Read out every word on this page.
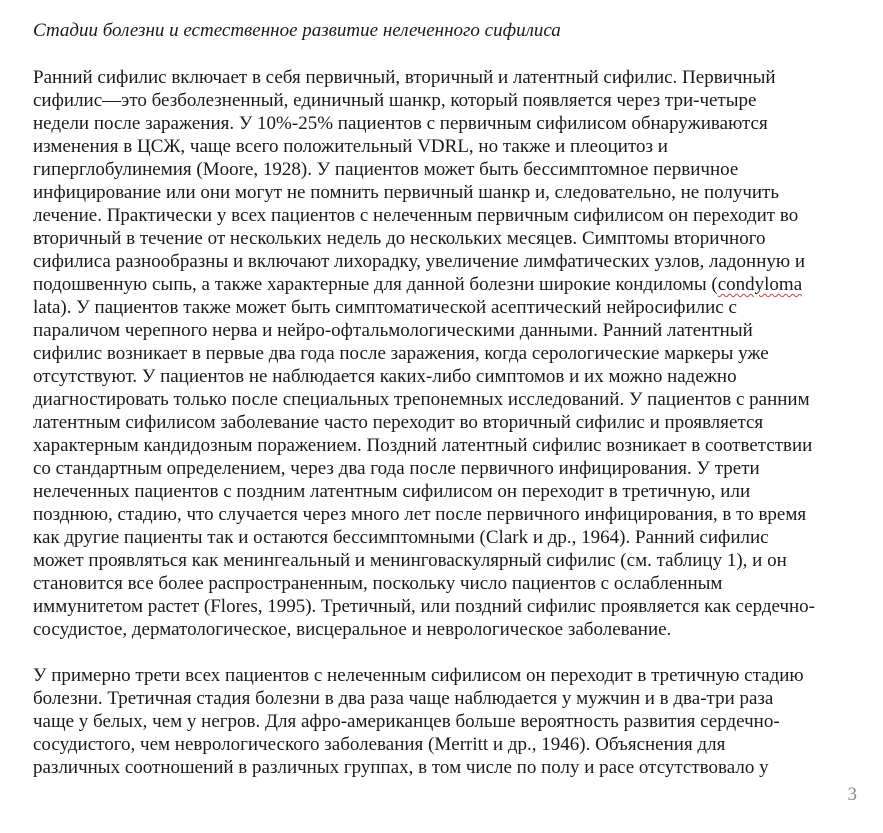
Стадии болезни и естественное развитие нелеченного сифилиса
Ранний сифилис включает в себя первичный, вторичный и латентный сифилис. Первичный
сифилис—это безболезненный, единичный шанкр, который появляется через три-четыре
недели после заражения. У 10%-25% пациентов с первичным сифилисом обнаруживаются
изменения в ЦСЖ, чаще всего положительный VDRL, но также и плеоцитоз и
гиперглобулинемия (Moore, 1928). У пациентов может быть бессимптомное первичное
инфицирование или они могут не помнить первичный шанкр и, следовательно, не получить
лечение. Практически у всех пациентов с нелеченным первичным сифилисом он переходит во
вторичный в течение от нескольких недель до нескольких месяцев. Симптомы вторичного
сифилиса разнообразны и включают лихорадку, увеличение лимфатических узлов, ладонную и
подошвенную сыпь, а также характерные для данной болезни широкие кондиломы (condyloma
lata). У пациентов также может быть симптоматической асептический нейросифилис с
параличом черепного нерва и нейро-офтальмологическими данными. Ранний латентный
сифилис возникает в первые два года после заражения, когда серологические маркеры уже
отсутствуют. У пациентов не наблюдается каких-либо симптомов и их можно надежно
диагностировать только после специальных трепонемных исследований. У пациентов с ранним
латентным сифилисом заболевание часто переходит во вторичный сифилис и проявляется
характерным кандидозным поражением. Поздний латентный сифилис возникает в соответствии
со стандартным определением, через два года после первичного инфицирования. У трети
нелеченных пациентов с поздним латентным сифилисом он переходит в третичную, или
позднюю, стадию, что случается через много лет после первичного инфицирования, в то время
как другие пациенты так и остаются бессимптомными (Clark и др., 1964). Ранний сифилис
может проявляться как менингеальный и менинговаскулярный сифилис (см. таблицу 1), и он
становится все более распространенным, поскольку число пациентов с ослабленным
иммунитетом растет (Flores, 1995). Третичный, или поздний сифилис проявляется как сердечно-
сосудистое, дерматологическое, висцеральное и неврологическое заболевание.
У примерно трети всех пациентов с нелеченным сифилисом он переходит в третичную стадию
болезни. Третичная стадия болезни в два раза чаще наблюдается у мужчин и в два-три раза
чаще у белых, чем у негров. Для афро-американцев больше вероятность развития сердечно-
сосудистого, чем неврологического заболевания (Merritt и др., 1946). Объяснения для
различных соотношений в различных группах, в том числе по полу и расе отсутствовало у
3
